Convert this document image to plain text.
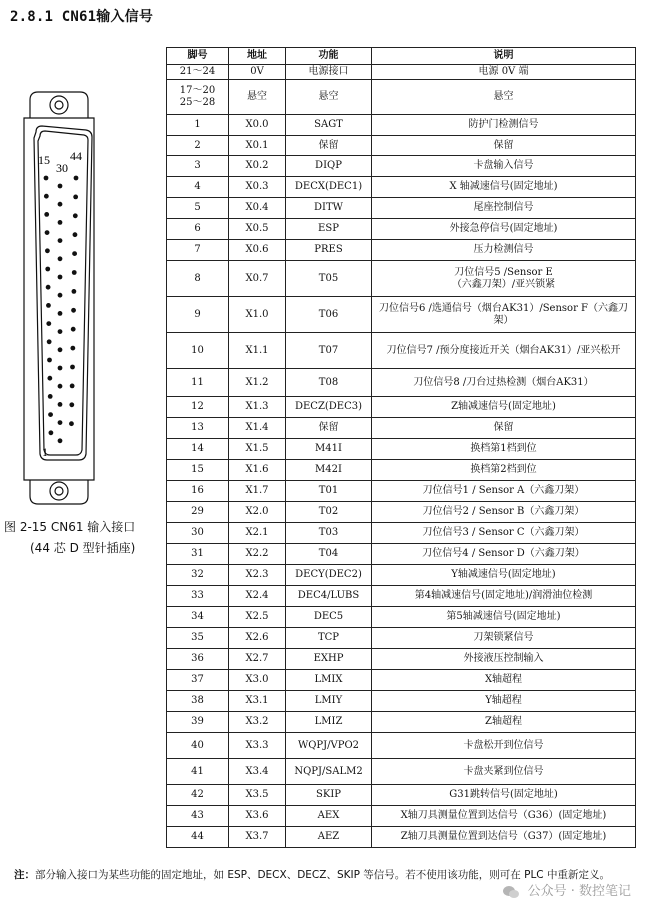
2.8.1 CN61输入信号
15
30
44
1
图 2-15 CN61 输入接口
(44 芯 D 型针插座)
脚号	地址	功能	说明
21～24	0V	电源接口	电源 0V 端
17～20
25～28	悬空	悬空	悬空
1	X0.0	SAGT	防护门检测信号
2	X0.1	保留	保留
3	X0.2	DIQP	卡盘输入信号
4	X0.3	DECX(DEC1)	X 轴减速信号(固定地址)
5	X0.4	DITW	尾座控制信号
6	X0.5	ESP	外接急停信号(固定地址)
7	X0.6	PRES	压力检测信号
8	X0.7	T05	刀位信号5 /Sensor E
（六鑫刀架）/亚兴锁紧
9	X1.0	T06	刀位信号6 /选通信号（烟台AK31）/Sensor F（六鑫刀架）
10	X1.1	T07	刀位信号7 /预分度接近开关（烟台AK31）/亚兴松开
11	X1.2	T08	刀位信号8 /刀台过热检测（烟台AK31）
12	X1.3	DECZ(DEC3)	Z轴减速信号(固定地址)
13	X1.4	保留	保留
14	X1.5	M41I	换档第1档到位
15	X1.6	M42I	换档第2档到位
16	X1.7	T01	刀位信号1 / Sensor A（六鑫刀架）
29	X2.0	T02	刀位信号2 / Sensor B（六鑫刀架）
30	X2.1	T03	刀位信号3 / Sensor C（六鑫刀架）
31	X2.2	T04	刀位信号4 / Sensor D（六鑫刀架）
32	X2.3	DECY(DEC2)	Y轴减速信号(固定地址)
33	X2.4	DEC4/LUBS	第4轴减速信号(固定地址)/润滑油位检测
34	X2.5	DEC5	第5轴减速信号(固定地址)
35	X2.6	TCP	刀架锁紧信号
36	X2.7	EXHP	外接液压控制输入
37	X3.0	LMIX	X轴超程
38	X3.1	LMIY	Y轴超程
39	X3.2	LMIZ	Z轴超程
40	X3.3	WQPJ/VPO2	卡盘松开到位信号
41	X3.4	NQPJ/SALM2	卡盘夹紧到位信号
42	X3.5	SKIP	G31跳转信号(固定地址)
43	X3.6	AEX	X轴刀具测量位置到达信号（G36）(固定地址)
44	X3.7	AEZ	Z轴刀具测量位置到达信号（G37）(固定地址)
注：部分输入接口为某些功能的固定地址，如 ESP、DECX、DECZ、SKIP 等信号。若不使用该功能，则可在 PLC 中重新定义。
公众号 · 数控笔记
